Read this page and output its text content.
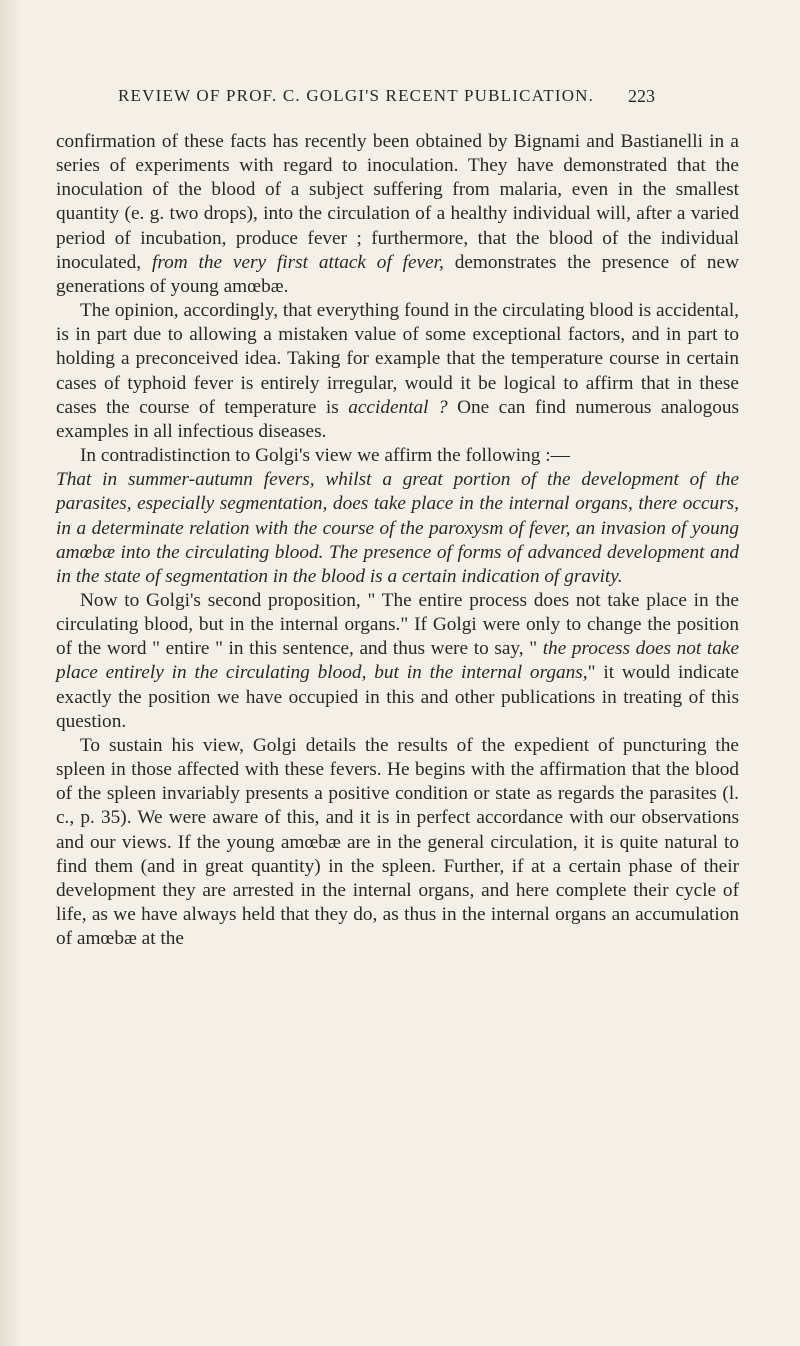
REVIEW OF PROF. C. GOLGI'S RECENT PUBLICATION. 223

confirmation of these facts has recently been obtained by Bignami and Bastianelli in a series of experiments with regard to inoculation. They have demonstrated that the inoculation of the blood of a subject suffering from malaria, even in the smallest quantity (e. g. two drops), into the circulation of a healthy individual will, after a varied period of incubation, produce fever ; furthermore, that the blood of the individual inoculated, from the very first attack of fever, demonstrates the presence of new generations of young amœbæ.

The opinion, accordingly, that everything found in the circulating blood is accidental, is in part due to allowing a mistaken value of some exceptional factors, and in part to holding a preconceived idea. Taking for example that the temperature course in certain cases of typhoid fever is entirely irregular, would it be logical to affirm that in these cases the course of temperature is accidental ? One can find numerous analogous examples in all infectious diseases.

In contradistinction to Golgi's view we affirm the following :—
That in summer-autumn fevers, whilst a great portion of the development of the parasites, especially segmentation, does take place in the internal organs, there occurs, in a determinate relation with the course of the paroxysm of fever, an invasion of young amœbæ into the circulating blood. The presence of forms of advanced development and in the state of segmentation in the blood is a certain indication of gravity.

Now to Golgi's second proposition, " The entire process does not take place in the circulating blood, but in the internal organs." If Golgi were only to change the position of the word " entire " in this sentence, and thus were to say, " the process does not take place entirely in the circulating blood, but in the internal organs," it would indicate exactly the position we have occupied in this and other publications in treating of this question.

To sustain his view, Golgi details the results of the expedient of puncturing the spleen in those affected with these fevers. He begins with the affirmation that the blood of the spleen invariably presents a positive condition or state as regards the parasites (l. c., p. 35). We were aware of this, and it is in perfect accordance with our observations and our views. If the young amœbæ are in the general circulation, it is quite natural to find them (and in great quantity) in the spleen. Further, if at a certain phase of their development they are arrested in the internal organs, and here complete their cycle of life, as we have always held that they do, as thus in the internal organs an accumulation of amœbæ at the
